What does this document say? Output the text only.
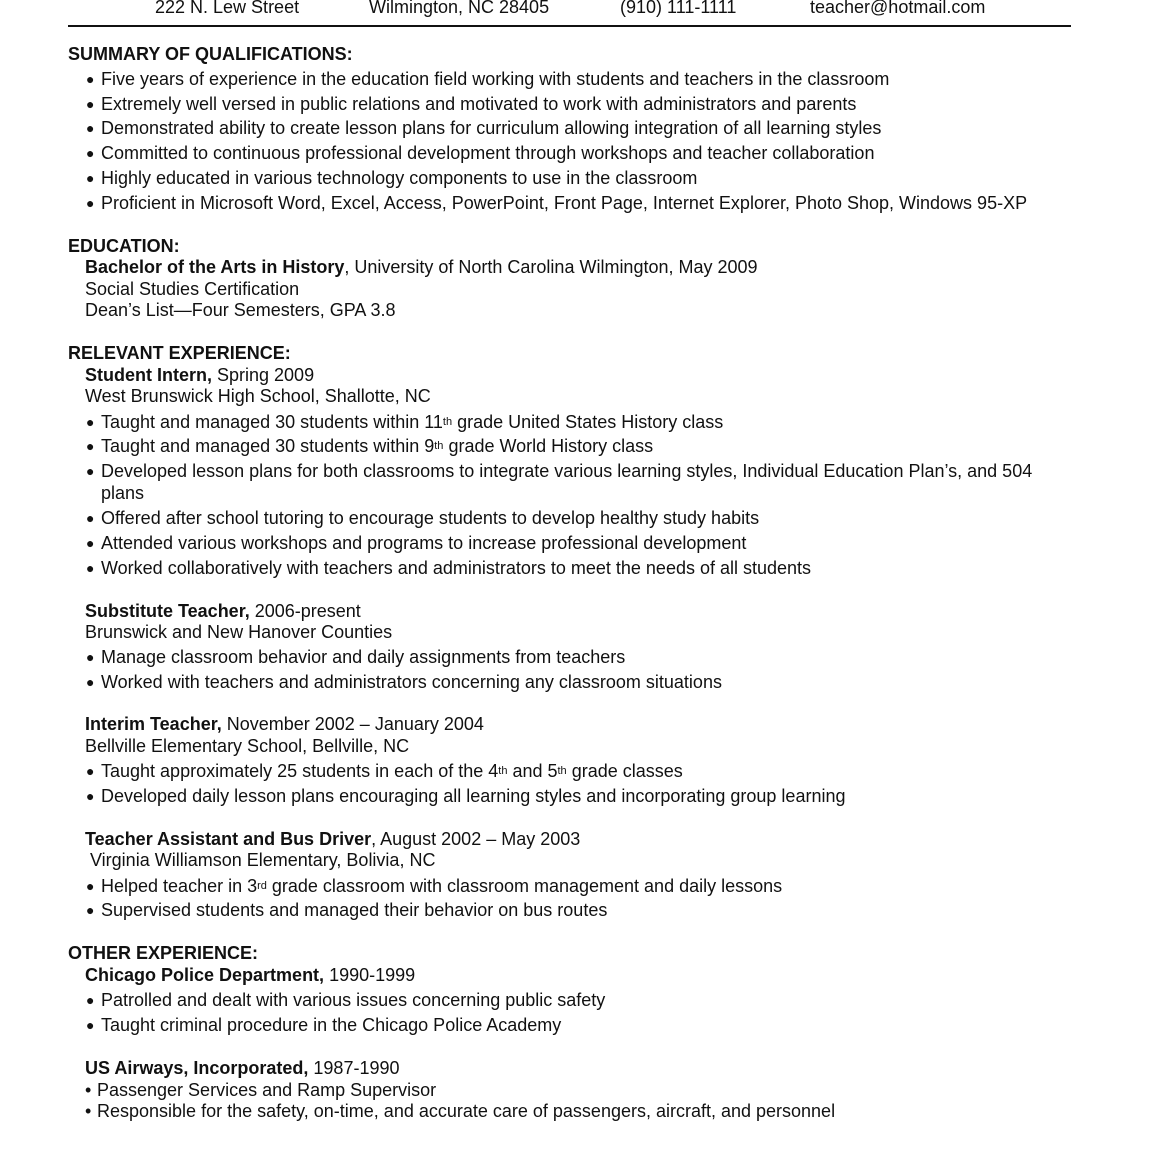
222 N. Lew Street	Wilmington, NC 28405	(910) 111-1111	teacher@hotmail.com
SUMMARY OF QUALIFICATIONS:
● Five years of experience in the education field working with students and teachers in the classroom
● Extremely well versed in public relations and motivated to work with administrators and parents
● Demonstrated ability to create lesson plans for curriculum allowing integration of all learning styles
● Committed to continuous professional development through workshops and teacher collaboration
● Highly educated in various technology components to use in the classroom
● Proficient in Microsoft Word, Excel, Access, PowerPoint, Front Page, Internet Explorer, Photo Shop, Windows 95-XP
EDUCATION:
Bachelor of the Arts in History, University of North Carolina Wilmington, May 2009
Social Studies Certification
Dean’s List—Four Semesters, GPA 3.8
RELEVANT EXPERIENCE:
Student Intern, Spring 2009
West Brunswick High School, Shallotte, NC
● Taught and managed 30 students within 11th grade United States History class
● Taught and managed 30 students within 9th grade World History class
● Developed lesson plans for both classrooms to integrate various learning styles, Individual Education Plan’s, and 504
plans
● Offered after school tutoring to encourage students to develop healthy study habits
● Attended various workshops and programs to increase professional development
● Worked collaboratively with teachers and administrators to meet the needs of all students
Substitute Teacher, 2006-present
Brunswick and New Hanover Counties
● Manage classroom behavior and daily assignments from teachers
● Worked with teachers and administrators concerning any classroom situations
Interim Teacher, November 2002 – January 2004
Bellville Elementary School, Bellville, NC
● Taught approximately 25 students in each of the 4th and 5th grade classes
● Developed daily lesson plans encouraging all learning styles and incorporating group learning
Teacher Assistant and Bus Driver, August 2002 – May 2003
Virginia Williamson Elementary, Bolivia, NC
● Helped teacher in 3rd grade classroom with classroom management and daily lessons
● Supervised students and managed their behavior on bus routes
OTHER EXPERIENCE:
Chicago Police Department, 1990-1999
● Patrolled and dealt with various issues concerning public safety
● Taught criminal procedure in the Chicago Police Academy
US Airways, Incorporated, 1987-1990
• Passenger Services and Ramp Supervisor
• Responsible for the safety, on-time, and accurate care of passengers, aircraft, and personnel
